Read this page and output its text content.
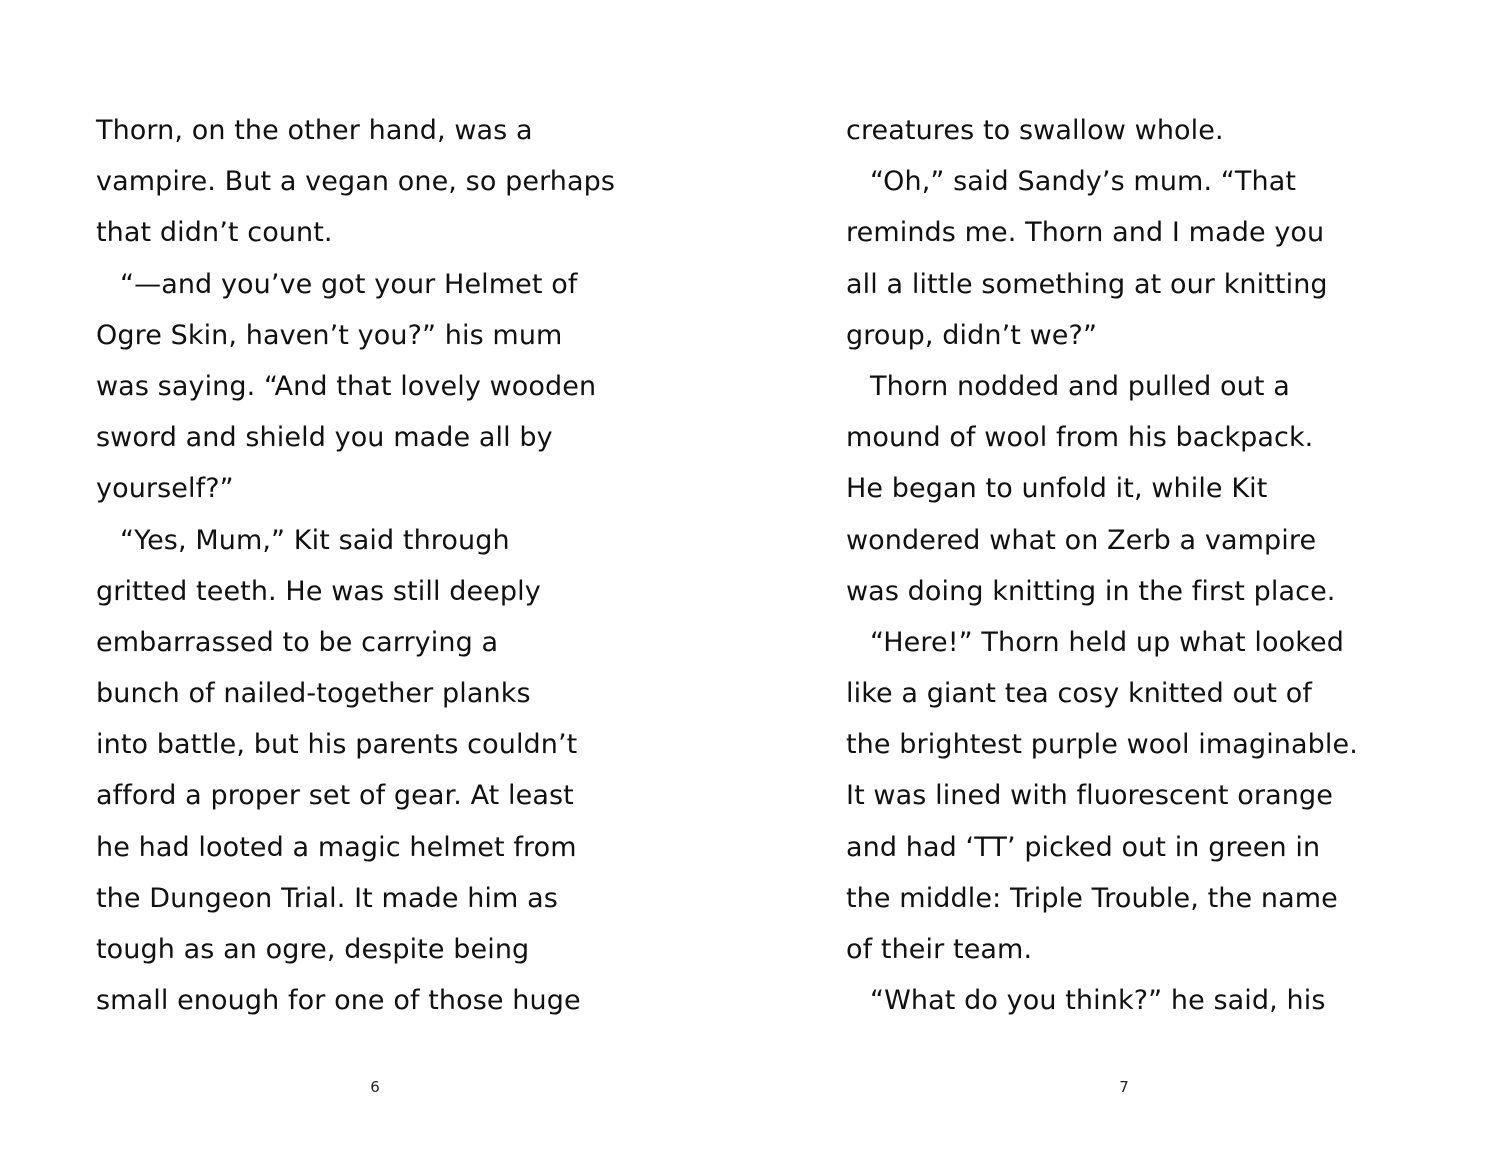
Thorn, on the other hand, was a
vampire. But a vegan one, so perhaps
that didn’t count.
“—and you’ve got your Helmet of
Ogre Skin, haven’t you?” his mum
was saying. “And that lovely wooden
sword and shield you made all by
yourself?”
“Yes, Mum,” Kit said through
gritted teeth. He was still deeply
embarrassed to be carrying a
bunch of nailed-together planks
into battle, but his parents couldn’t
afford a proper set of gear. At least
he had looted a magic helmet from
the Dungeon Trial. It made him as
tough as an ogre, despite being
small enough for one of those huge
creatures to swallow whole.
“Oh,” said Sandy’s mum. “That
reminds me. Thorn and I made you
all a little something at our knitting
group, didn’t we?”
Thorn nodded and pulled out a
mound of wool from his backpack.
He began to unfold it, while Kit
wondered what on Zerb a vampire
was doing knitting in the first place.
“Here!” Thorn held up what looked
like a giant tea cosy knitted out of
the brightest purple wool imaginable.
It was lined with fluorescent orange
and had ‘TT’ picked out in green in
the middle: Triple Trouble, the name
of their team.
“What do you think?” he said, his
6	7
